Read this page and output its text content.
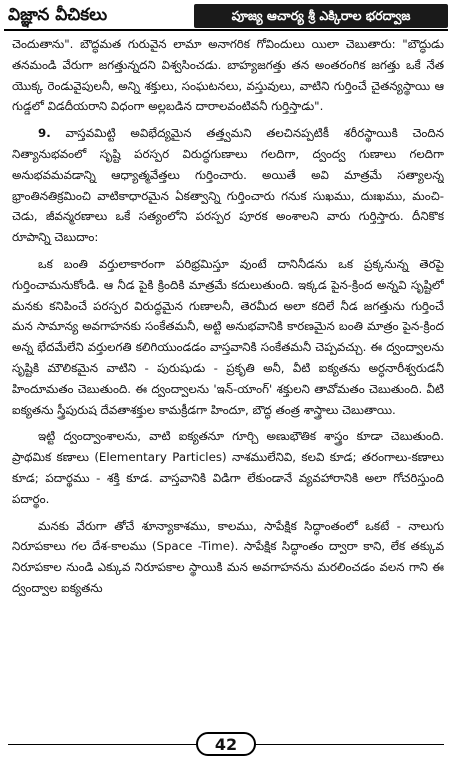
విజ్ఞాన వీచికలు	పూజ్య ఆచార్య శ్రీ ఎక్కిరాల భరద్వాజ

చెందుతాను". బౌద్ధమత గురువైన లామా అనాగరిక గోవిందులు యిలా చెబుతారు: "బౌద్ధుడు తనమండి వేరుగా జగత్తున్నదని విశ్వసించడు. బాహ్యజగత్తు తన అంతరంగిక జగత్తు ఒకే నేత యొక్క రెండువైపులనీ, అన్ని శక్తులు, సంఘటనలు, వస్తువులు, వాటిని గుర్తించే చైతన్యస్థాయి ఆ గుడ్డలో విడదీయరాని విధంగా అల్లబడిన దారాలవంటివనీ గుర్తిస్తాడు".

9. వాస్తవమిట్టి అవిభేద్యమైన తత్త్వమని తలచినప్పటికీ శరీరస్థాయికి చెందిన నిత్యానుభవంలో సృష్టి పరస్పర విరుద్ధగుణాలు గలదిగా, ద్వంద్వ గుణాలు గలదిగా అనుభవమవడాన్ని ఆధ్యాత్మవేత్తలు గుర్తించారు. అయితే అవి మాత్రమే సత్యాలన్న భ్రాంతినతిక్రమించి వాటికాధారమైన ఏకత్వాన్ని గుర్తించారు గనుక సుఖము, దుఃఖము, మంచి-చెడు, జీవన్మరణాలు ఒకే సత్యంలోని పరస్పర పూరక అంశాలని వారు గుర్తిస్తారు. దీనికొక రూపాన్ని చెబుదాం:

ఒక బంతి వర్తులాకారంగా పరిభ్రమిస్తూ వుంటే దానినీడను ఒక ప్రక్కనున్న తెరపై గుర్తించామనుకోండి. ఆ నీడ పైకి క్రిందికి మాత్రమే కదులుతుంది. ఇక్కడ పైన-క్రింద అన్నవి సృష్టిలో మనకు కనిపించే పరస్పర విరుద్ధమైన గుణాలనీ, తెరమీద అలా కదిలే నీడ జగత్తును గుర్తించే మన సామాన్య అవగాహనకు సంకేతమనీ, అట్టి అనుభవానికి కారణమైన బంతి మాత్రం పైన-క్రింద అన్న భేదమేలేని వర్తులగతి కలిగియుండడం వాస్తవానికి సంకేతమనీ చెప్పవచ్చు. ఈ ద్వంద్వాలను సృష్టికి మౌలికమైన వాటిని - పురుషుడు - ప్రకృతి అనీ, వీటి ఐక్యతను అర్ధనారీశ్వరుడనీ హిందూమతం చెబుతుంది. ఈ ద్వంద్వాలను 'ఇన్-యాంగ్' శక్తులని తావోమతం చెబుతుంది. వీటి ఐక్యతను స్త్రీపురుష దేవతాశక్తుల కామక్రీడగా హిందూ, బౌద్ధ తంత్ర శాస్త్రాలు చెబుతాయి.

ఇట్టి ద్వంద్వాంశాలను, వాటి ఐక్యతనూ గూర్చి అణుభౌతిక శాస్త్రం కూడా చెబుతుంది. ప్రాథమిక కణాలు (Elementary Particles) నాశములేనివి, కలవి కూడ; తరంగాలు-కణాలు కూడ; పదార్థము - శక్తి కూడ. వాస్తవానికి విడిగా లేకుండానే వ్యవహారానికి అలా గోచరిస్తుంది పదార్థం.

మనకు వేరుగా తోచే శూన్యాకాశము, కాలము, సాపేక్షిక సిద్ధాంతంలో ఒకటే - నాలుగు నిరూపకాలు గల దేశ-కాలము (Space -Time). సాపేక్షిక సిద్ధాంతం ద్వారా కాని, లేక తక్కువ నిరూపకాల నుండి ఎక్కువ నిరూపకాల స్థాయికి మన అవగాహనను మరలించడం వలన గాని ఈ ద్వంద్వాల ఐక్యతను

42
